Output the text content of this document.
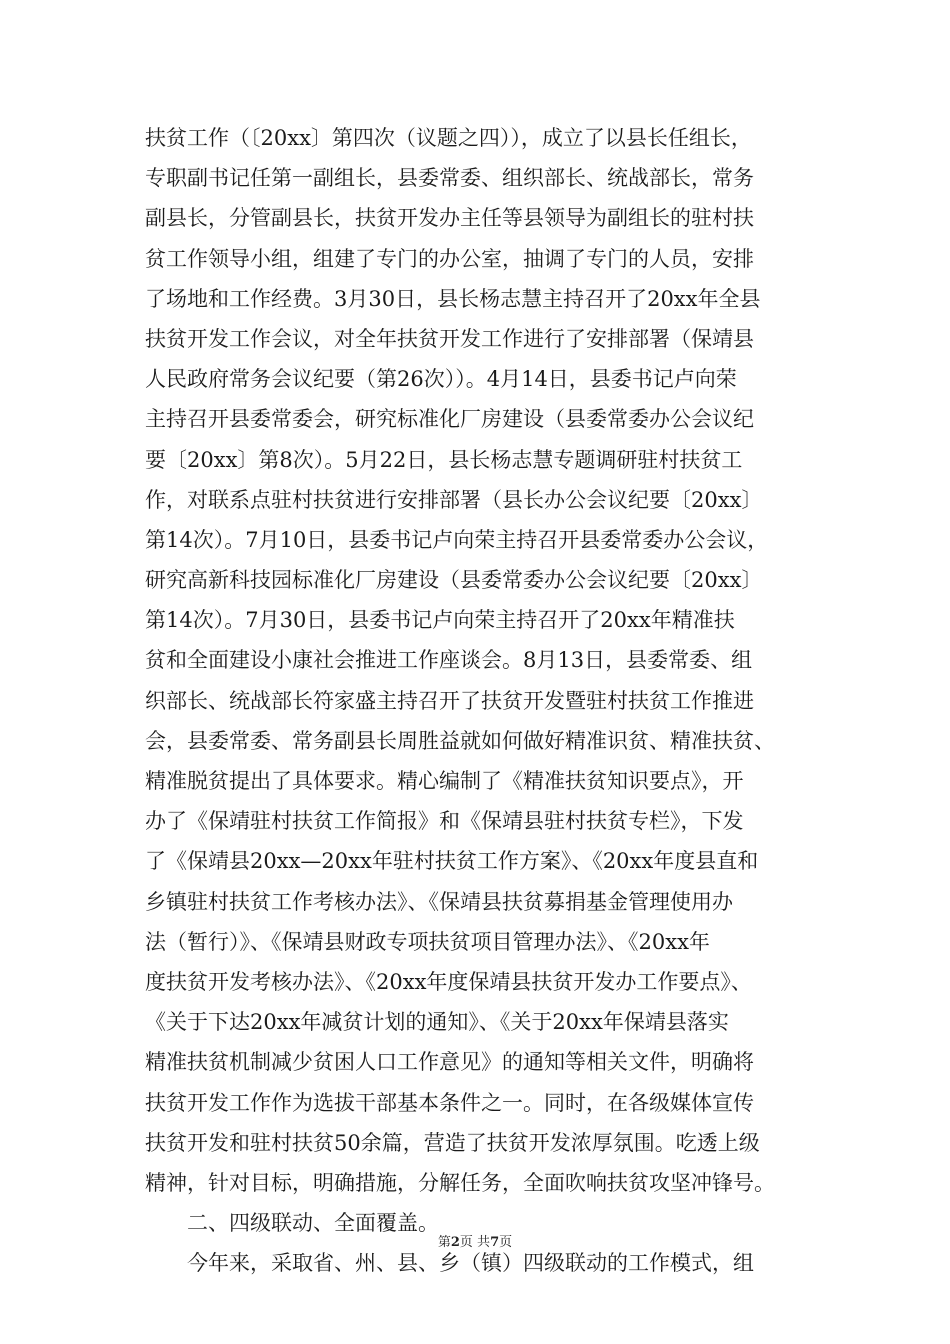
扶贫工作（〔20xx〕第四次（议题之四）），成立了以县长任组长，
专职副书记任第一副组长，县委常委、组织部长、统战部长，常务
副县长，分管副县长，扶贫开发办主任等县领导为副组长的驻村扶
贫工作领导小组，组建了专门的办公室，抽调了专门的人员，安排
了场地和工作经费。3月30日，县长杨志慧主持召开了20xx年全县
扶贫开发工作会议，对全年扶贫开发工作进行了安排部署（保靖县
人民政府常务会议纪要（第26次））。4月14日，县委书记卢向荣
主持召开县委常委会，研究标准化厂房建设（县委常委办公会议纪
要〔20xx〕第8次）。5月22日，县长杨志慧专题调研驻村扶贫工
作，对联系点驻村扶贫进行安排部署（县长办公会议纪要〔20xx〕
第14次）。7月10日，县委书记卢向荣主持召开县委常委办公会议，
研究高新科技园标准化厂房建设（县委常委办公会议纪要〔20xx〕
第14次）。7月30日，县委书记卢向荣主持召开了20xx年精准扶
贫和全面建设小康社会推进工作座谈会。8月13日，县委常委、组
织部长、统战部长符家盛主持召开了扶贫开发暨驻村扶贫工作推进
会，县委常委、常务副县长周胜益就如何做好精准识贫、精准扶贫、
精准脱贫提出了具体要求。精心编制了《精准扶贫知识要点》，开
办了《保靖驻村扶贫工作简报》和《保靖县驻村扶贫专栏》，下发
了《保靖县20xx—20xx年驻村扶贫工作方案》、《20xx年度县直和
乡镇驻村扶贫工作考核办法》、《保靖县扶贫募捐基金管理使用办
法（暂行）》、《保靖县财政专项扶贫项目管理办法》、《20xx年
度扶贫开发考核办法》、《20xx年度保靖县扶贫开发办工作要点》、
《关于下达20xx年减贫计划的通知》、《关于20xx年保靖县落实
精准扶贫机制减少贫困人口工作意见》的通知等相关文件，明确将
扶贫开发工作作为选拔干部基本条件之一。同时，在各级媒体宣传
扶贫开发和驻村扶贫50余篇，营造了扶贫开发浓厚氛围。吃透上级
精神，针对目标，明确措施，分解任务，全面吹响扶贫攻坚冲锋号。
二、四级联动、全面覆盖。
今年来，采取省、州、县、乡（镇）四级联动的工作模式，组
第2页 共7页
